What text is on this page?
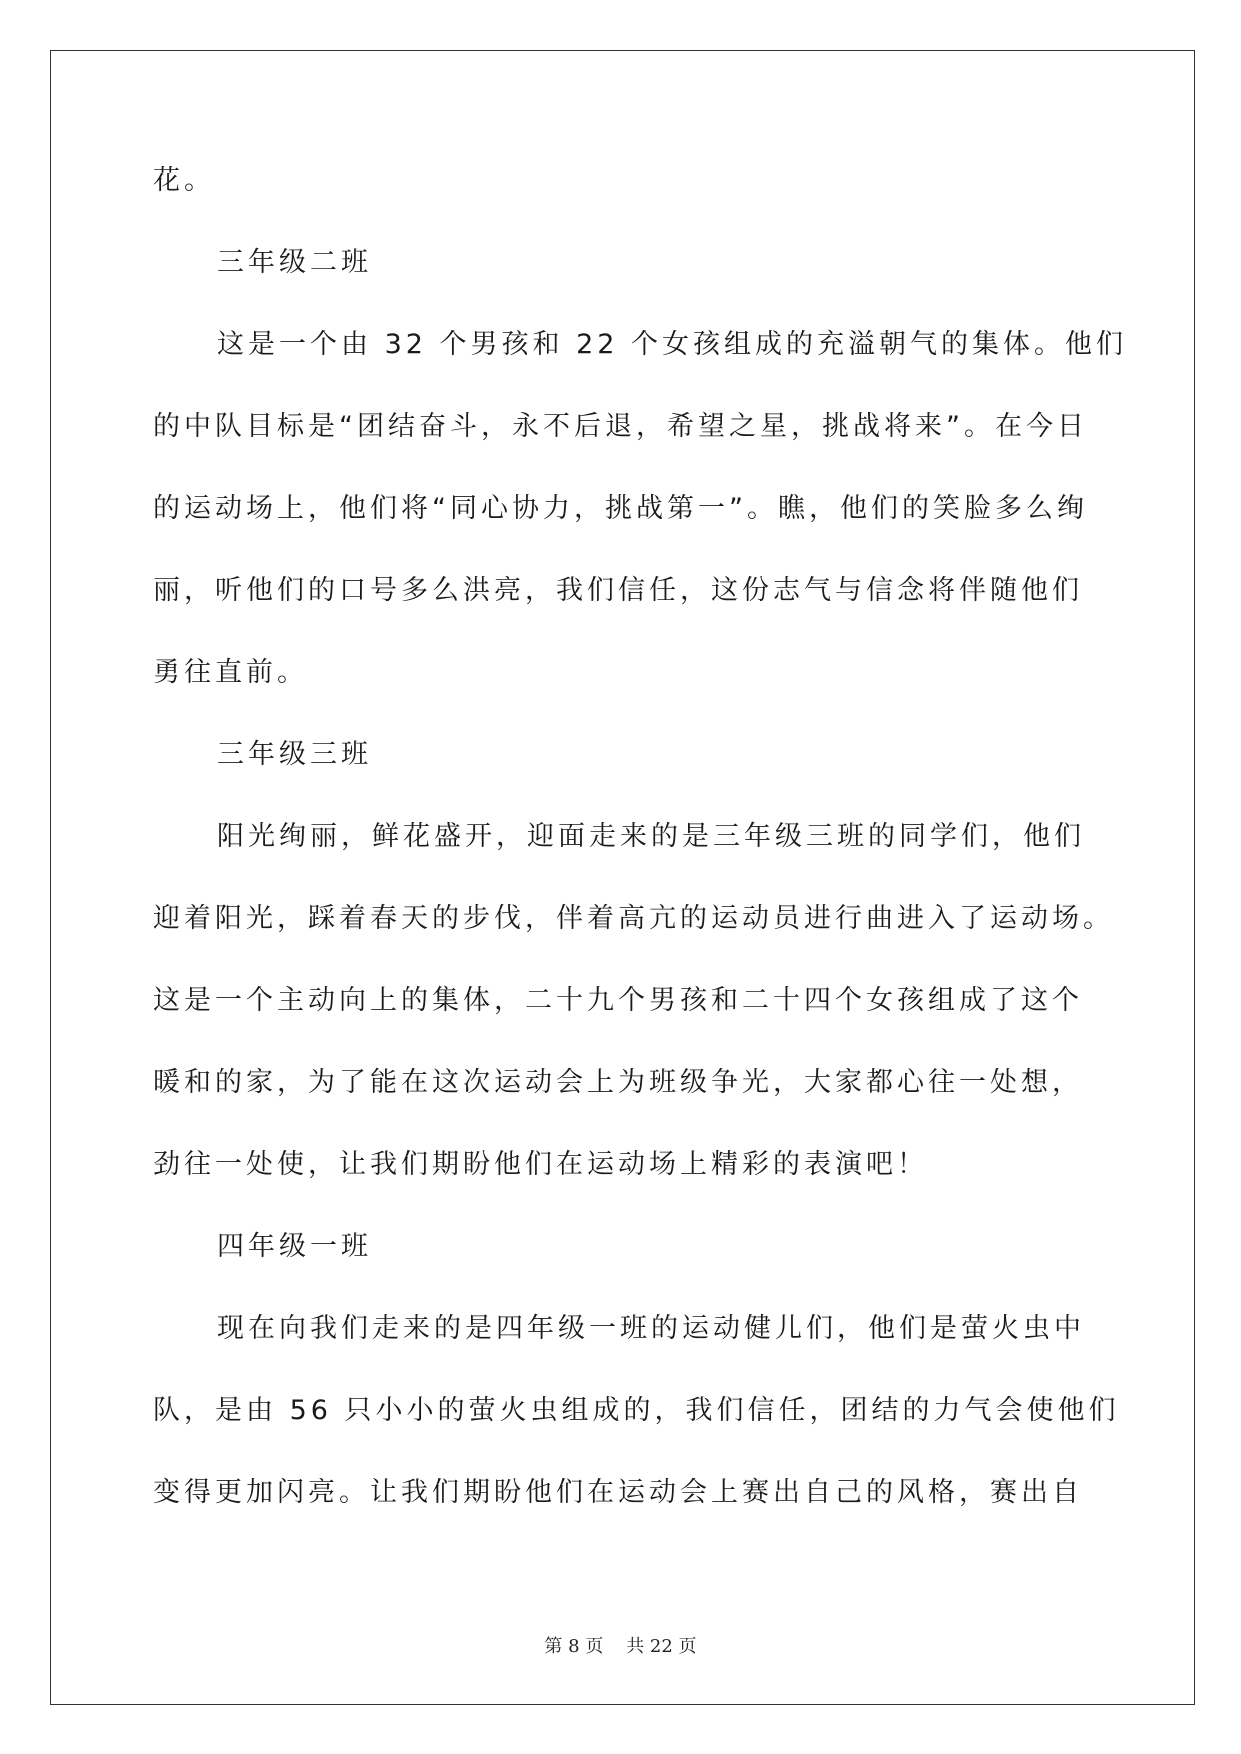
花。
三年级二班
这是一个由 32 个男孩和 22 个女孩组成的充溢朝气的集体。他们
的中队目标是“团结奋斗，永不后退，希望之星，挑战将来”。在今日
的运动场上，他们将“同心协力，挑战第一”。瞧，他们的笑脸多么绚
丽，听他们的口号多么洪亮，我们信任，这份志气与信念将伴随他们
勇往直前。
三年级三班
阳光绚丽，鲜花盛开，迎面走来的是三年级三班的同学们，他们
迎着阳光，踩着春天的步伐，伴着高亢的运动员进行曲进入了运动场。
这是一个主动向上的集体，二十九个男孩和二十四个女孩组成了这个
暖和的家，为了能在这次运动会上为班级争光，大家都心往一处想，
劲往一处使，让我们期盼他们在运动场上精彩的表演吧！
四年级一班
现在向我们走来的是四年级一班的运动健儿们，他们是萤火虫中
队，是由 56 只小小的萤火虫组成的，我们信任，团结的力气会使他们
变得更加闪亮。让我们期盼他们在运动会上赛出自己的风格，赛出自
第 8 页    共 22 页
